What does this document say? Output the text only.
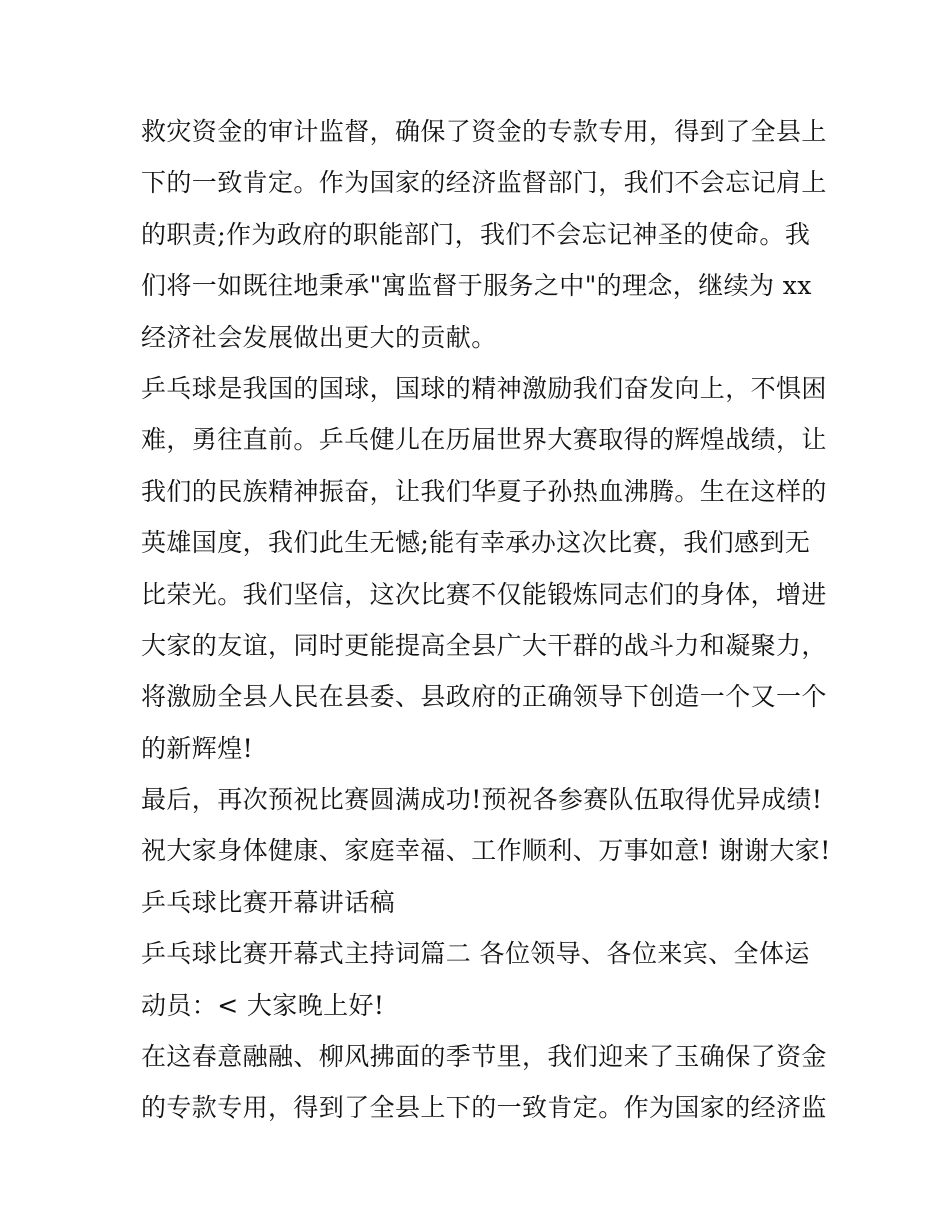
救灾资金的审计监督，确保了资金的专款专用，得到了全县上
下的一致肯定。作为国家的经济监督部门，我们不会忘记肩上
的职责;作为政府的职能部门，我们不会忘记神圣的使命。我
们将一如既往地秉承"寓监督于服务之中"的理念，继续为 xx
经济社会发展做出更大的贡献。
乒乓球是我国的国球，国球的精神激励我们奋发向上，不惧困
难，勇往直前。乒乓健儿在历届世界大赛取得的辉煌战绩，让
我们的民族精神振奋，让我们华夏子孙热血沸腾。生在这样的
英雄国度，我们此生无憾;能有幸承办这次比赛，我们感到无
比荣光。我们坚信，这次比赛不仅能锻炼同志们的身体，增进
大家的友谊，同时更能提高全县广大干群的战斗力和凝聚力，
将激励全县人民在县委、县政府的正确领导下创造一个又一个
的新辉煌!
最后，再次预祝比赛圆满成功!预祝各参赛队伍取得优异成绩!
祝大家身体健康、家庭幸福、工作顺利、万事如意! 谢谢大家!
乒乓球比赛开幕讲话稿
乒乓球比赛开幕式主持词篇二 各位领导、各位来宾、全体运
动员：< 大家晚上好!
在这春意融融、柳风拂面的季节里，我们迎来了玉确保了资金
的专款专用，得到了全县上下的一致肯定。作为国家的经济监
